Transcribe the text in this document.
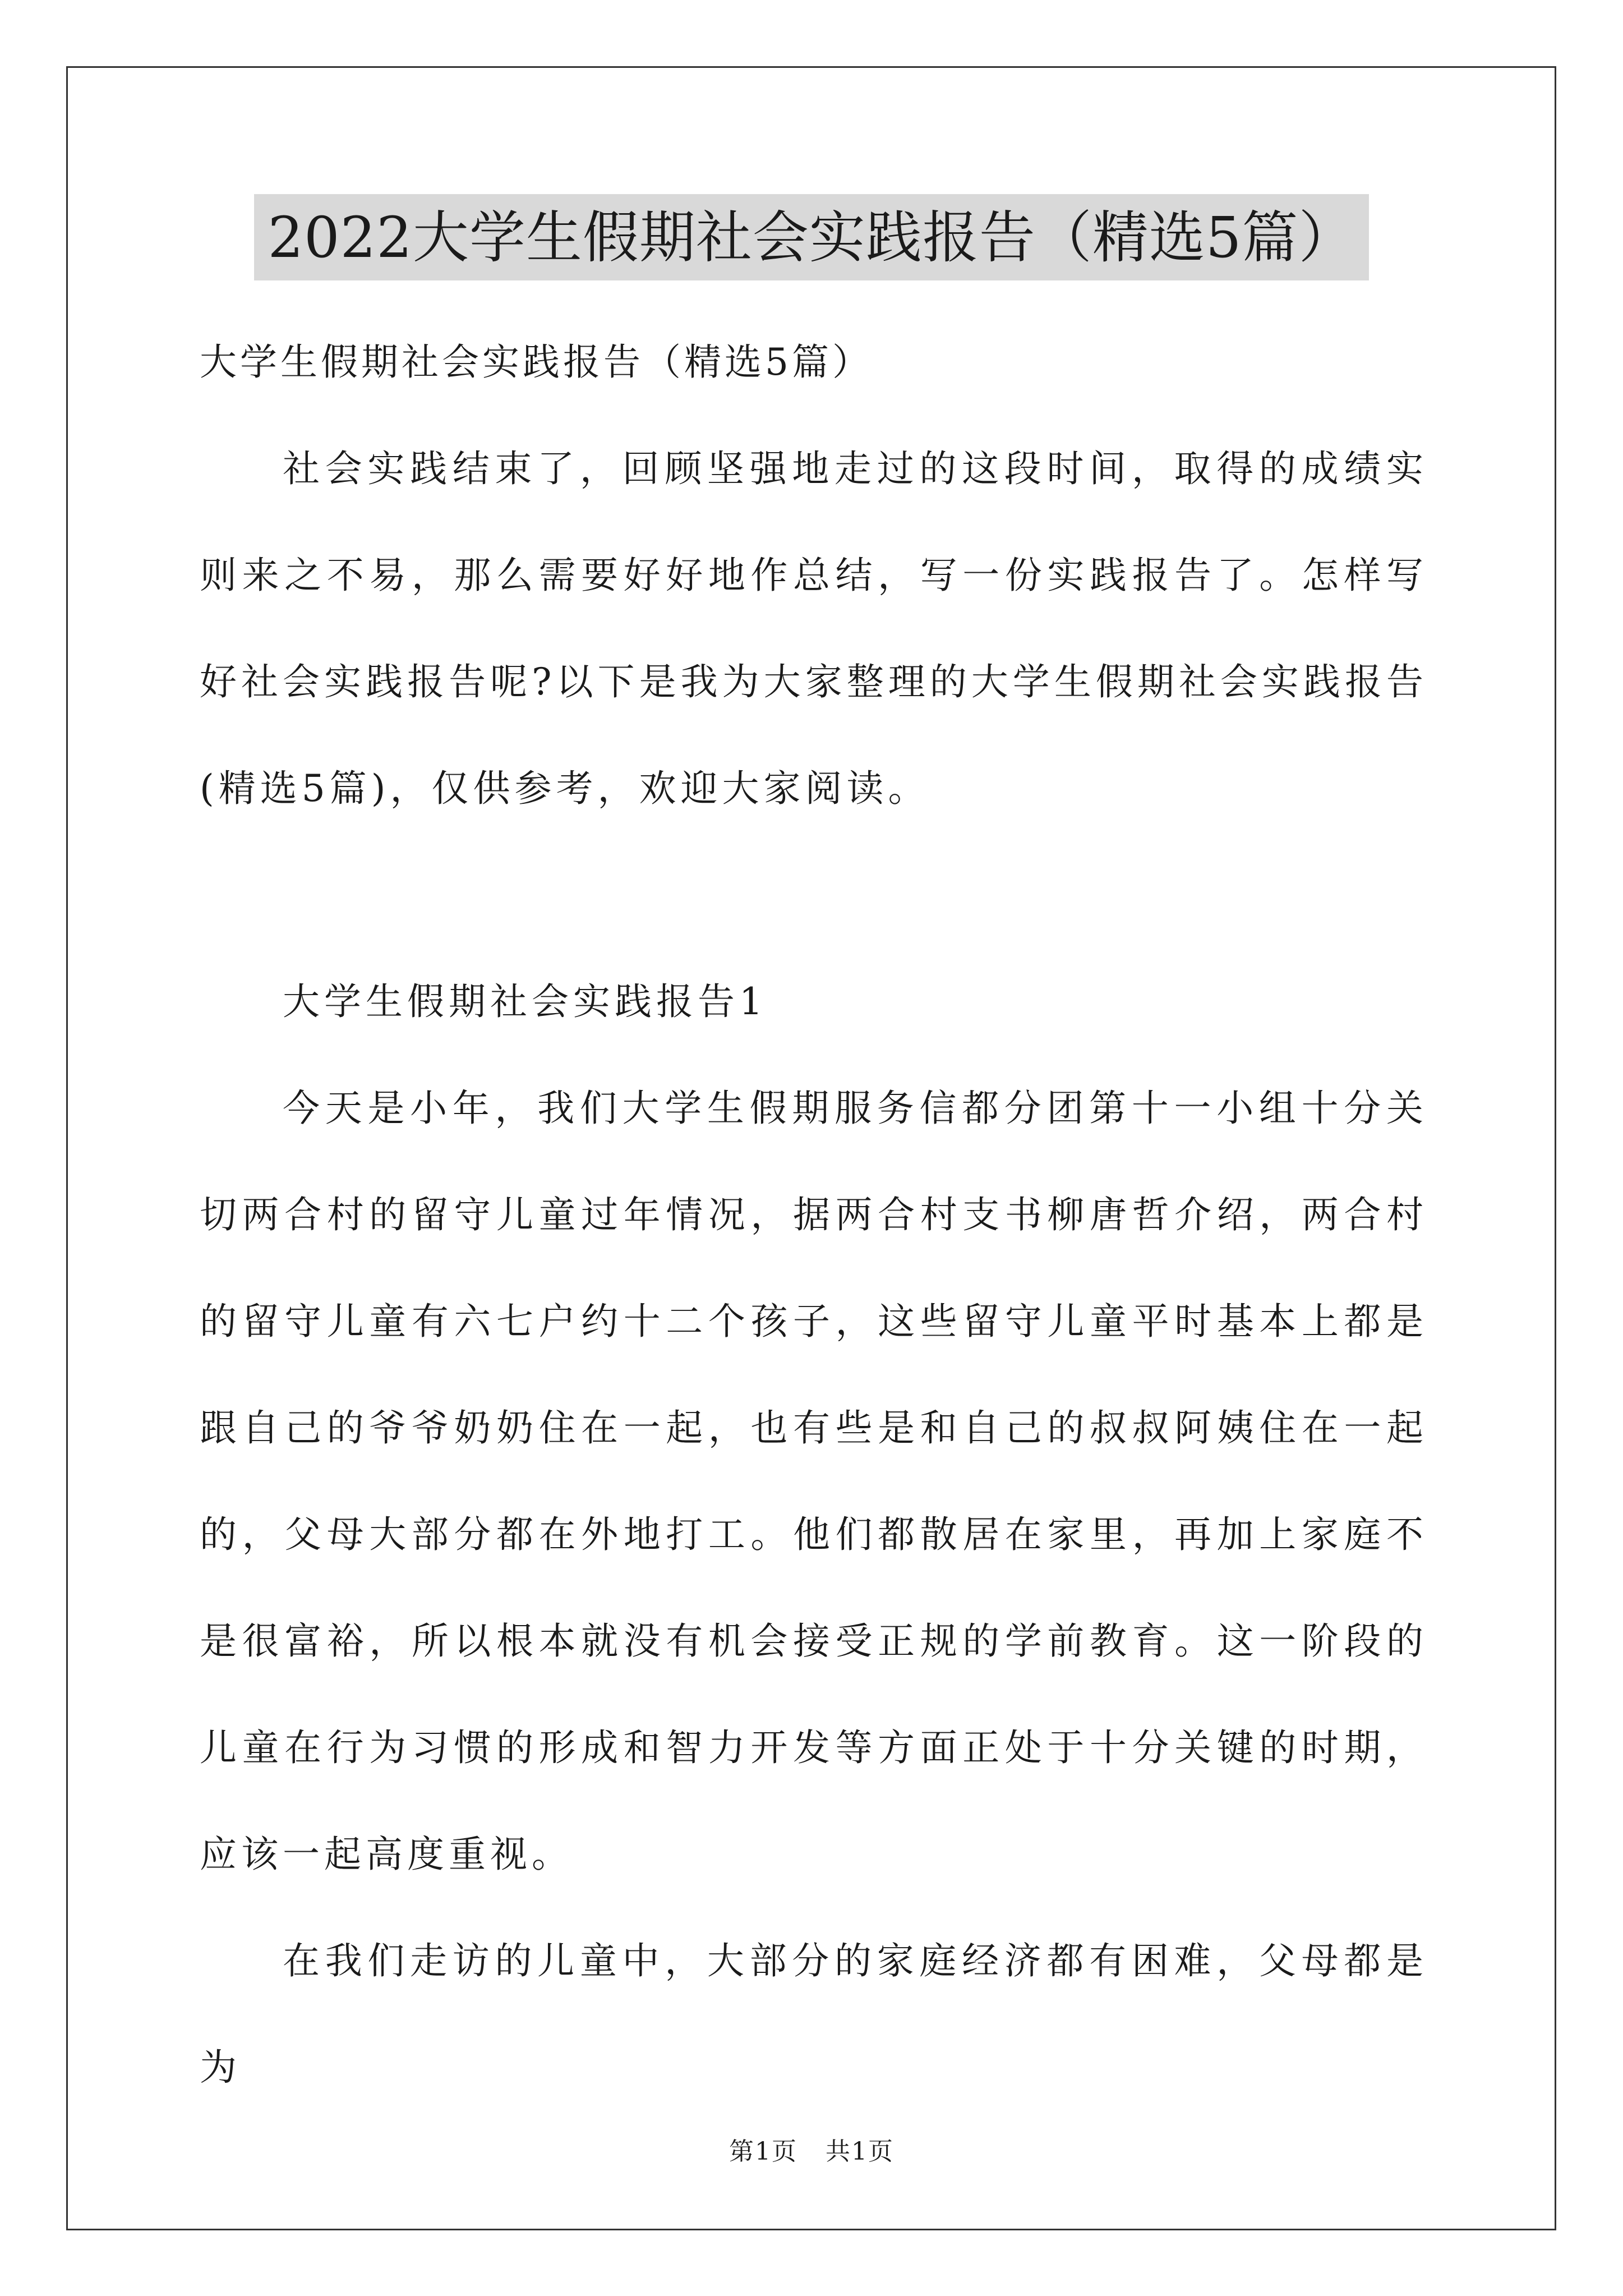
2022大学生假期社会实践报告（精选5篇）

大学生假期社会实践报告（精选5篇）

社会实践结束了，回顾坚强地走过的这段时间，取得的成绩实则来之不易，那么需要好好地作总结，写一份实践报告了。怎样写好社会实践报告呢?以下是我为大家整理的大学生假期社会实践报告(精选5篇)，仅供参考，欢迎大家阅读。

大学生假期社会实践报告1

今天是小年，我们大学生假期服务信都分团第十一小组十分关切两合村的留守儿童过年情况，据两合村支书柳唐哲介绍，两合村的留守儿童有六七户约十二个孩子，这些留守儿童平时基本上都是跟自己的爷爷奶奶住在一起，也有些是和自己的叔叔阿姨住在一起的，父母大部分都在外地打工。他们都散居在家里，再加上家庭不是很富裕，所以根本就没有机会接受正规的学前教育。这一阶段的儿童在行为习惯的形成和智力开发等方面正处于十分关键的时期，应该一起高度重视。

在我们走访的儿童中，大部分的家庭经济都有困难，父母都是为

第1页 共1页
